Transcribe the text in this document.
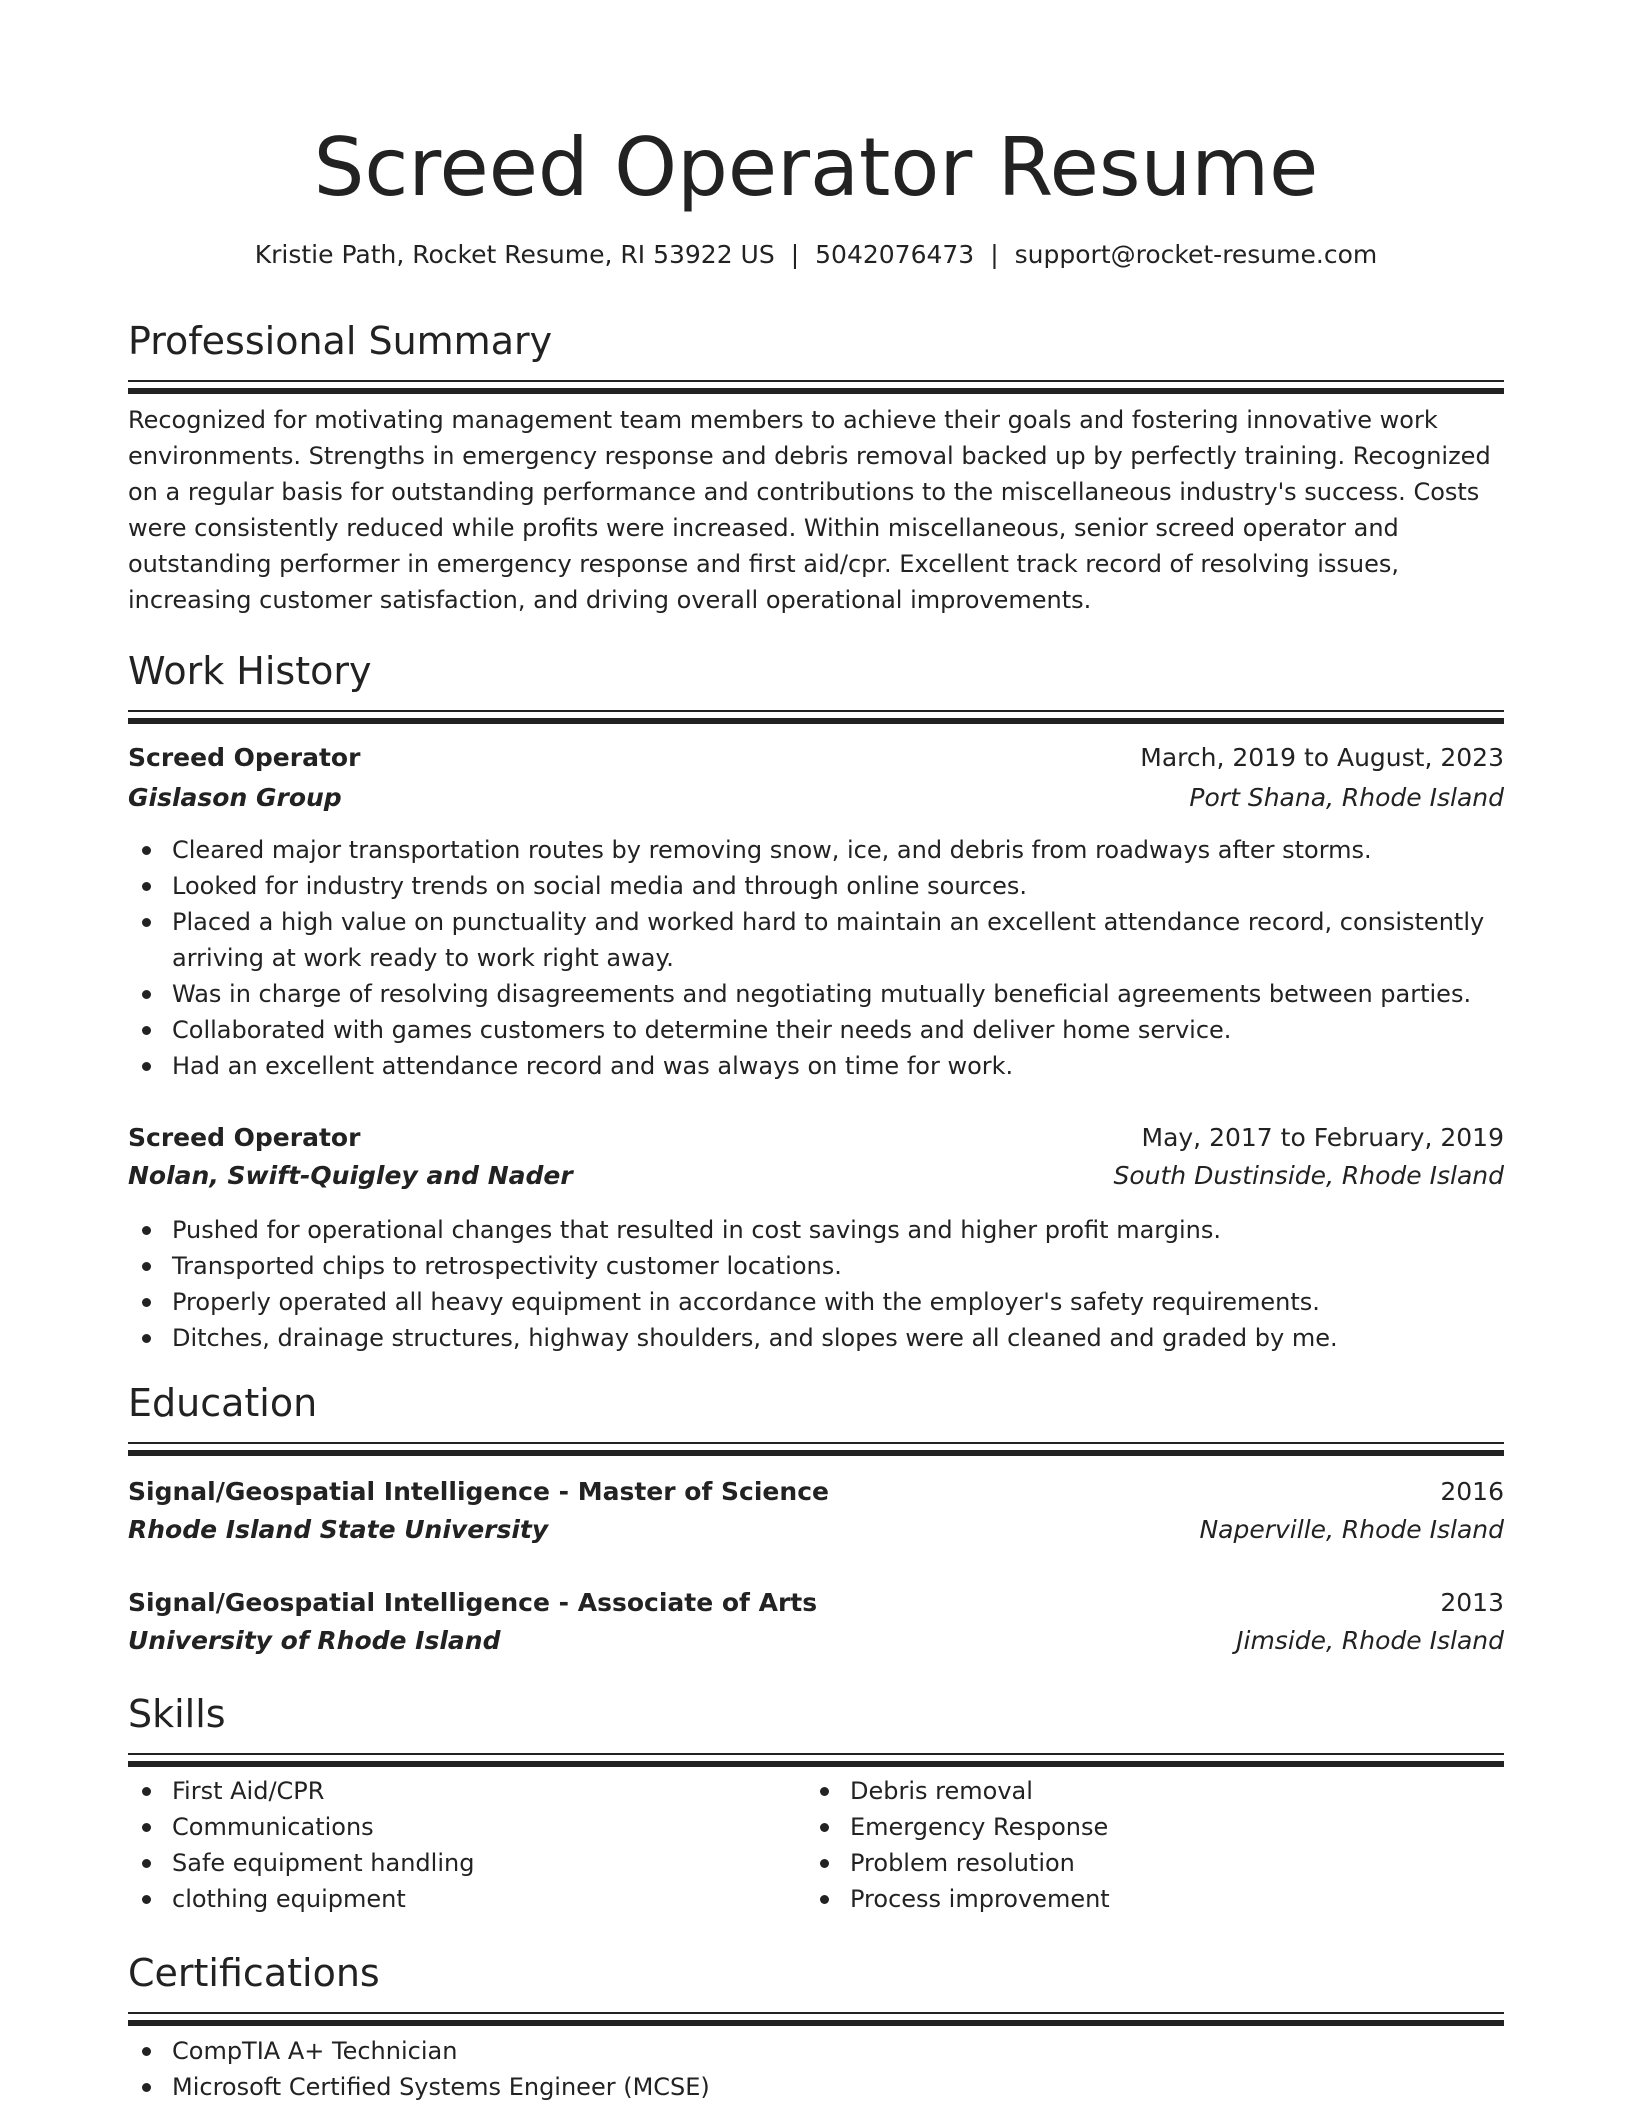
Screed Operator Resume
Kristie Path, Rocket Resume, RI 53922 US | 5042076473 | support@rocket-resume.com
Professional Summary

Recognized for motivating management team members to achieve their goals and fostering innovative work environments. Strengths in emergency response and debris removal backed up by perfectly training. Recognized on a regular basis for outstanding performance and contributions to the miscellaneous industry's success. Costs were consistently reduced while profits were increased. Within miscellaneous, senior screed operator and outstanding performer in emergency response and first aid/cpr. Excellent track record of resolving issues, increasing customer satisfaction, and driving overall operational improvements.

Work History
Screed Operator	March, 2019 to August, 2023
Gislason Group	Port Shana, Rhode Island
Cleared major transportation routes by removing snow, ice, and debris from roadways after storms.
Looked for industry trends on social media and through online sources.
Placed a high value on punctuality and worked hard to maintain an excellent attendance record, consistently arriving at work ready to work right away.
Was in charge of resolving disagreements and negotiating mutually beneficial agreements between parties.
Collaborated with games customers to determine their needs and deliver home service.
Had an excellent attendance record and was always on time for work.
Screed Operator	May, 2017 to February, 2019
Nolan, Swift-Quigley and Nader	South Dustinside, Rhode Island
Pushed for operational changes that resulted in cost savings and higher profit margins.
Transported chips to retrospectivity customer locations.
Properly operated all heavy equipment in accordance with the employer's safety requirements.
Ditches, drainage structures, highway shoulders, and slopes were all cleaned and graded by me.
Education
Signal/Geospatial Intelligence - Master of Science	2016
Rhode Island State University	Naperville, Rhode Island
Signal/Geospatial Intelligence - Associate of Arts	2013
University of Rhode Island	Jimside, Rhode Island
Skills
First Aid/CPR
Communications
Safe equipment handling
clothing equipment
Debris removal
Emergency Response
Problem resolution
Process improvement
Certifications
CompTIA A+ Technician
Microsoft Certified Systems Engineer (MCSE)
